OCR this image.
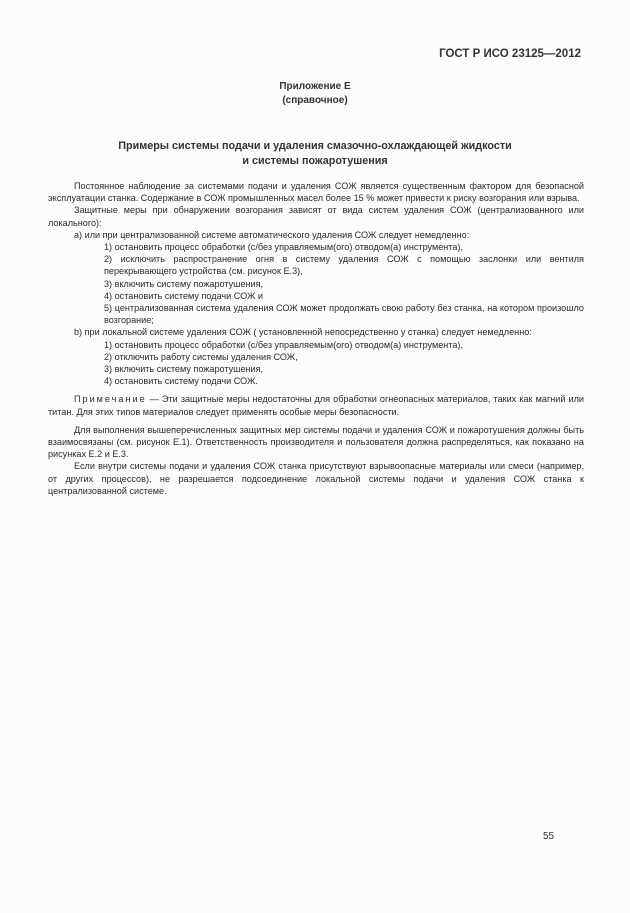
ГОСТ Р ИСО 23125—2012
Приложение Е
(справочное)
Примеры системы подачи и удаления смазочно-охлаждающей жидкости
и системы пожаротушения

Постоянное наблюдение за системами подачи и удаления СОЖ является существенным фактором для безопасной эксплуатации станка. Содержание в СОЖ промышленных масел более 15 % может привести к риску возгорания или взрыва.

Защитные меры при обнаружении возгорания зависят от вида систем удаления СОЖ (централизованного или локального):

а) или при централизованной системе автоматического удаления СОЖ следует немедленно:

1) остановить процесс обработки (с/без управляемым(ого) отводом(а) инструмента),

2) исключить распространение огня в систему удаления СОЖ с помощью заслонки или вентиля перекрывающего устройства (см. рисунок Е.3),

3) включить систему пожаротушения,

4) остановить систему подачи СОЖ и

5) централизованная система удаления СОЖ может продолжать свою работу без станка, на котором произошло возгорание;

b) при локальной системе удаления СОЖ ( установленной непосредственно у станка) следует немедленно:

1) остановить процесс обработки (с/без управляемым(ого) отводом(а) инструмента),

2) отключить работу системы удаления СОЖ,

3) включить систему пожаротушения,

4) остановить систему подачи СОЖ.

Примечание — Эти защитные меры недостаточны для обработки огнеопасных материалов, таких как магний или титан. Для этих типов материалов следует применять особые меры безопасности.

Для выполнения вышеперечисленных защитных мер системы подачи и удаления СОЖ и пожаротушения должны быть взаимосвязаны (см. рисунок Е.1). Ответственность производителя и пользователя должна распределяться, как показано на рисунках Е.2 и Е.3.

Если внутри системы подачи и удаления СОЖ станка присутствуют взрывоопасные материалы или смеси (например, от других процессов), не разрешается подсоединение локальной системы подачи и удаления СОЖ станка к централизованной системе.

55
